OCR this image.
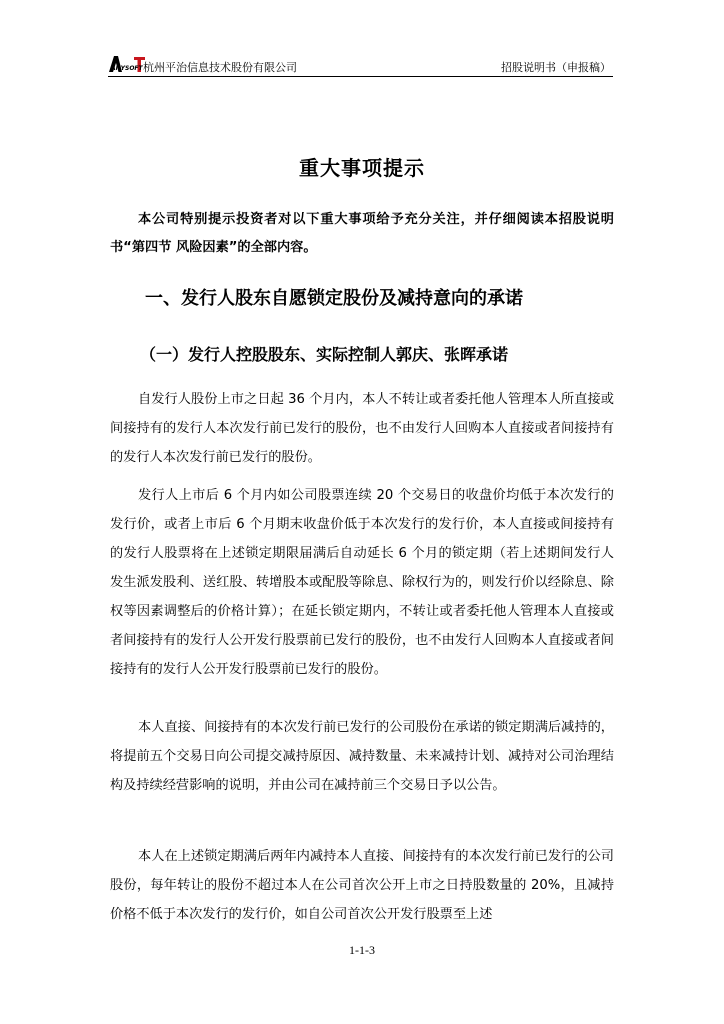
ANYSOFT 杭州平治信息技术股份有限公司	招股说明书（申报稿）
重大事项提示

本公司特别提示投资者对以下重大事项给予充分关注，并仔细阅读本招股说明书“第四节 风险因素”的全部内容。

一、发行人股东自愿锁定股份及减持意向的承诺
（一）发行人控股股东、实际控制人郭庆、张晖承诺

自发行人股份上市之日起 36 个月内，本人不转让或者委托他人管理本人所直接或间接持有的发行人本次发行前已发行的股份，也不由发行人回购本人直接或者间接持有的发行人本次发行前已发行的股份。

发行人上市后 6 个月内如公司股票连续 20 个交易日的收盘价均低于本次发行的发行价，或者上市后 6 个月期末收盘价低于本次发行的发行价，本人直接或间接持有的发行人股票将在上述锁定期限届满后自动延长 6 个月的锁定期（若上述期间发行人发生派发股利、送红股、转增股本或配股等除息、除权行为的，则发行价以经除息、除权等因素调整后的价格计算）；在延长锁定期内，不转让或者委托他人管理本人直接或者间接持有的发行人公开发行股票前已发行的股份，也不由发行人回购本人直接或者间接持有的发行人公开发行股票前已发行的股份。

本人直接、间接持有的本次发行前已发行的公司股份在承诺的锁定期满后减持的，将提前五个交易日向公司提交减持原因、减持数量、未来减持计划、减持对公司治理结构及持续经营影响的说明，并由公司在减持前三个交易日予以公告。

本人在上述锁定期满后两年内减持本人直接、间接持有的本次发行前已发行的公司股份，每年转让的股份不超过本人在公司首次公开上市之日持股数量的 20%，且减持价格不低于本次发行的发行价，如自公司首次公开发行股票至上述

1-1-3
